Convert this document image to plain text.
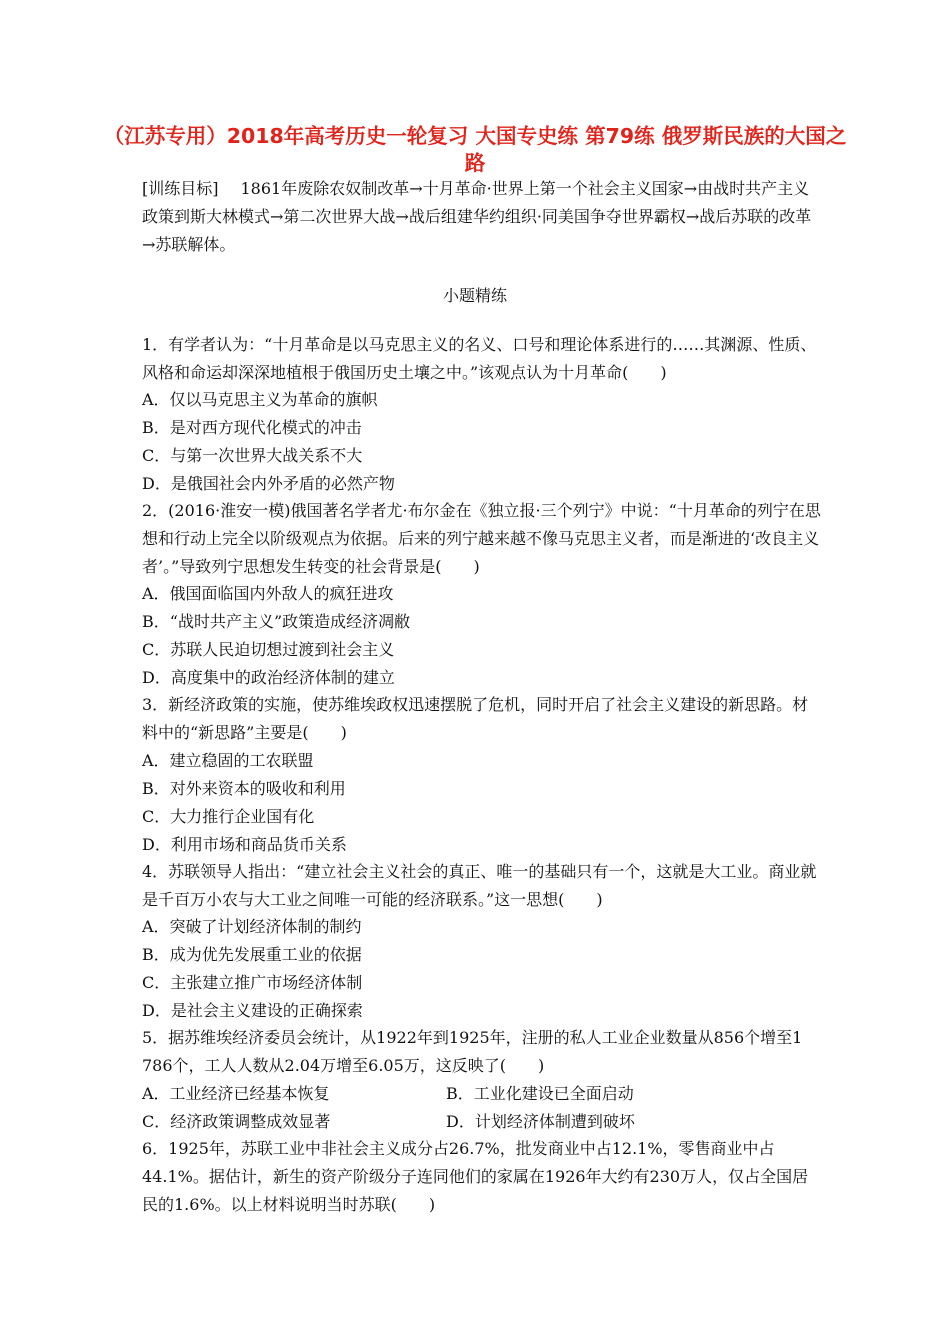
（江苏专用）2018年高考历史一轮复习 大国专史练 第79练 俄罗斯民族的大国之路
[训练目标] 1861年废除农奴制改革→十月革命·世界上第一个社会主义国家→由战时共产主义政策到斯大林模式→第二次世界大战→战后组建华约组织·同美国争夺世界霸权→战后苏联的改革→苏联解体。
小题精练
1．有学者认为：“十月革命是以马克思主义的名义、口号和理论体系进行的……其渊源、性质、风格和命运却深深地植根于俄国历史土壤之中。”该观点认为十月革命(　　)
A．仅以马克思主义为革命的旗帜
B．是对西方现代化模式的冲击
C．与第一次世界大战关系不大
D．是俄国社会内外矛盾的必然产物
2．(2016·淮安一模)俄国著名学者尤·布尔金在《独立报·三个列宁》中说：“十月革命的列宁在思想和行动上完全以阶级观点为依据。后来的列宁越来越不像马克思主义者，而是渐进的‘改良主义者’。”导致列宁思想发生转变的社会背景是(　　)
A．俄国面临国内外敌人的疯狂进攻
B．“战时共产主义”政策造成经济凋敝
C．苏联人民迫切想过渡到社会主义
D．高度集中的政治经济体制的建立
3．新经济政策的实施，使苏维埃政权迅速摆脱了危机，同时开启了社会主义建设的新思路。材料中的“新思路”主要是(　　)
A．建立稳固的工农联盟
B．对外来资本的吸收和利用
C．大力推行企业国有化
D．利用市场和商品货币关系
4．苏联领导人指出：“建立社会主义社会的真正、唯一的基础只有一个，这就是大工业。商业就是千百万小农与大工业之间唯一可能的经济联系。”这一思想(　　)
A．突破了计划经济体制的制约
B．成为优先发展重工业的依据
C．主张建立推广市场经济体制
D．是社会主义建设的正确探索
5．据苏维埃经济委员会统计，从1922年到1925年，注册的私人工业企业数量从856个增至1 786个，工人人数从2.04万增至6.05万，这反映了(　　)
A．工业经济已经基本恢复	B．工业化建设已全面启动
C．经济政策调整成效显著	D．计划经济体制遭到破坏
6．1925年，苏联工业中非社会主义成分占26.7%，批发商业中占12.1%，零售商业中占44.1%。据估计，新生的资产阶级分子连同他们的家属在1926年大约有230万人，仅占全国居民的1.6%。以上材料说明当时苏联(　　)
